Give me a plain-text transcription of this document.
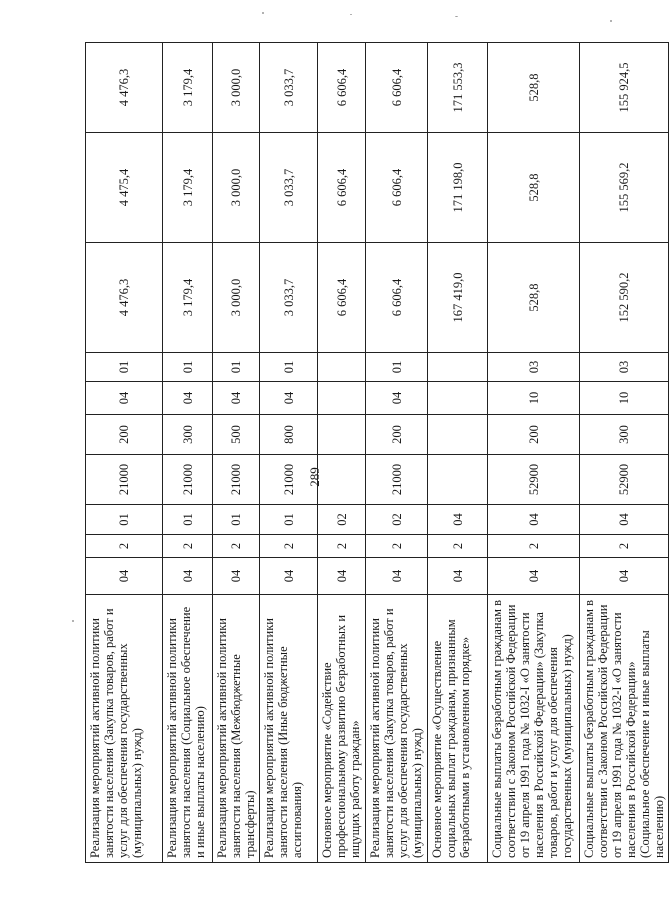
289
Реализация мероприятий активной политики занятости населения (Закупка товаров, работ и услуг для обеспечения государственных (муниципальных) нужд)	04	2	01	21000	200	04	01	4 476,3	4 475,4	4 476,3
Реализация мероприятий активной политики занятости населения (Социальное обеспечение и иные выплаты населению)	04	2	01	21000	300	04	01	3 179,4	3 179,4	3 179,4
Реализация мероприятий активной политики занятости населения (Межбюджетные трансферты)	04	2	01	21000	500	04	01	3 000,0	3 000,0	3 000,0
Реализация мероприятий активной политики занятости населения (Иные бюджетные ассигнования)	04	2	01	21000	800	04	01	3 033,7	3 033,7	3 033,7
Основное мероприятие «Содействие профессиональному развитию безработных и ищущих работу граждан»	04	2	02					6 606,4	6 606,4	6 606,4
Реализация мероприятий активной политики занятости населения (Закупка товаров, работ и услуг для обеспечения государственных (муниципальных) нужд)	04	2	02	21000	200	04	01	6 606,4	6 606,4	6 606,4
Основное мероприятие «Осуществление социальных выплат гражданам, признанным безработными в установленном порядке»	04	2	04					167 419,0	171 198,0	171 553,3
Социальные выплаты безработным гражданам в соответствии с Законом Российской Федерации от 19 апреля 1991 года № 1032-I «О занятости населения в Российской Федерации» (Закупка товаров, работ и услуг для обеспечения государственных (муниципальных) нужд)	04	2	04	52900	200	10	03	528,8	528,8	528,8
Социальные выплаты безработным гражданам в соответствии с Законом Российской Федерации от 19 апреля 1991 года № 1032-I «О занятости населения в Российской Федерации» (Социальное обеспечение и иные выплаты населению)	04	2	04	52900	300	10	03	152 590,2	155 569,2	155 924,5
